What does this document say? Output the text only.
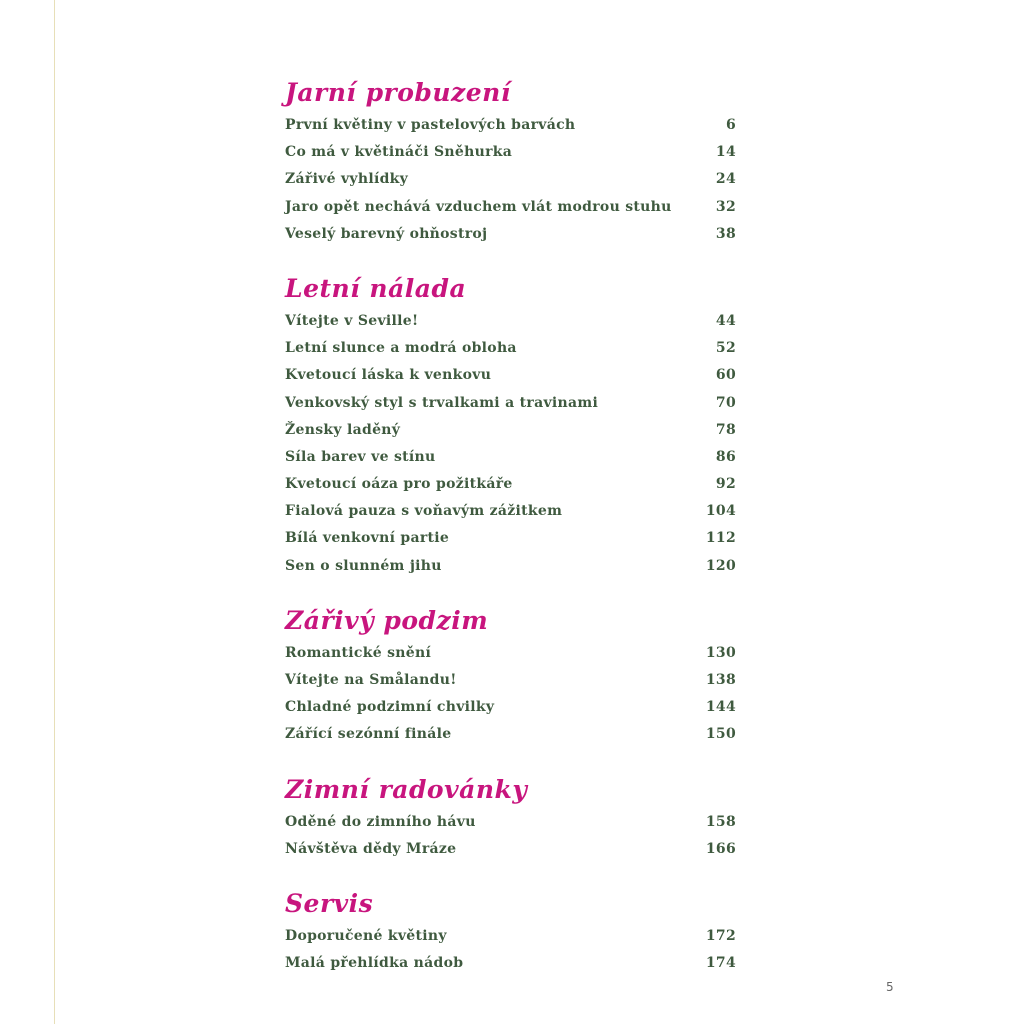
Jarní probuzení
První květiny v pastelových barvách	6
Co má v květináči Sněhurka	14
Zářivé vyhlídky	24
Jaro opět nechává vzduchem vlát modrou stuhu	32
Veselý barevný ohňostroj	38
Letní nálada
Vítejte v Seville!	44
Letní slunce a modrá obloha	52
Kvetoucí láska k venkovu	60
Venkovský styl s trvalkami a travinami	70
Žensky laděný	78
Síla barev ve stínu	86
Kvetoucí oáza pro požitkáře	92
Fialová pauza s voňavým zážitkem	104
Bílá venkovní partie	112
Sen o slunném jihu	120
Zářivý podzim
Romantické snění	130
Vítejte na Smålandu!	138
Chladné podzimní chvilky	144
Zářící sezónní finále	150
Zimní radovánky
Oděné do zimního hávu	158
Návštěva dědy Mráze	166
Servis
Doporučené květiny	172
Malá přehlídka nádob	174
5
